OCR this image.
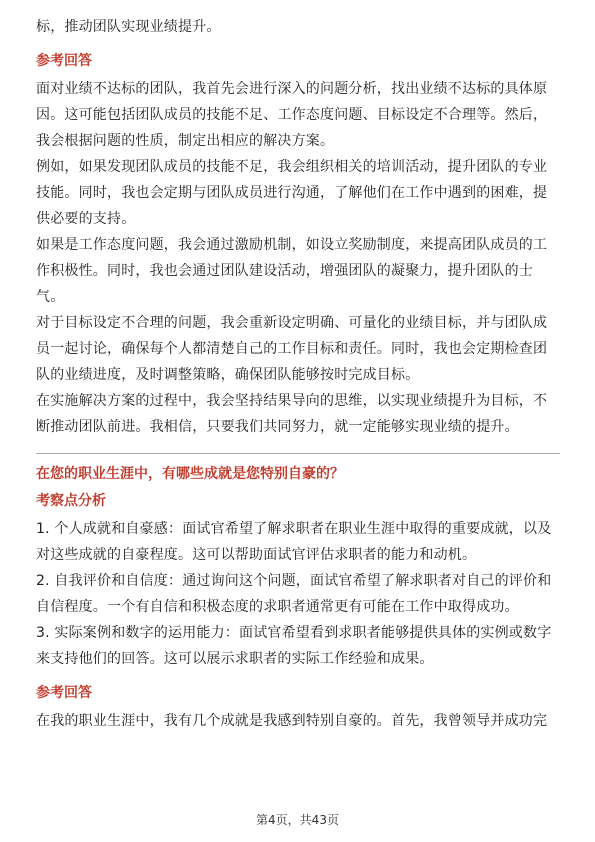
标，推动团队实现业绩提升。

参考回答

面对业绩不达标的团队，我首先会进行深入的问题分析，找出业绩不达标的具体原因。这可能包括团队成员的技能不足、工作态度问题、目标设定不合理等。然后，我会根据问题的性质，制定出相应的解决方案。

例如，如果发现团队成员的技能不足，我会组织相关的培训活动，提升团队的专业技能。同时，我也会定期与团队成员进行沟通，了解他们在工作中遇到的困难，提供必要的支持。

如果是工作态度问题，我会通过激励机制，如设立奖励制度，来提高团队成员的工作积极性。同时，我也会通过团队建设活动，增强团队的凝聚力，提升团队的士气。

对于目标设定不合理的问题，我会重新设定明确、可量化的业绩目标，并与团队成员一起讨论，确保每个人都清楚自己的工作目标和责任。同时，我也会定期检查团队的业绩进度，及时调整策略，确保团队能够按时完成目标。

在实施解决方案的过程中，我会坚持结果导向的思维，以实现业绩提升为目标，不断推动团队前进。我相信，只要我们共同努力，就一定能够实现业绩的提升。

在您的职业生涯中，有哪些成就是您特别自豪的？
考察点分析

1. 个人成就和自豪感：面试官希望了解求职者在职业生涯中取得的重要成就，以及对这些成就的自豪程度。这可以帮助面试官评估求职者的能力和动机。

2. 自我评价和自信度：通过询问这个问题，面试官希望了解求职者对自己的评价和自信程度。一个有自信和积极态度的求职者通常更有可能在工作中取得成功。

3. 实际案例和数字的运用能力：面试官希望看到求职者能够提供具体的实例或数字来支持他们的回答。这可以展示求职者的实际工作经验和成果。

参考回答

在我的职业生涯中，我有几个成就是我感到特别自豪的。首先，我曾领导并成功完

第4页，共43页
